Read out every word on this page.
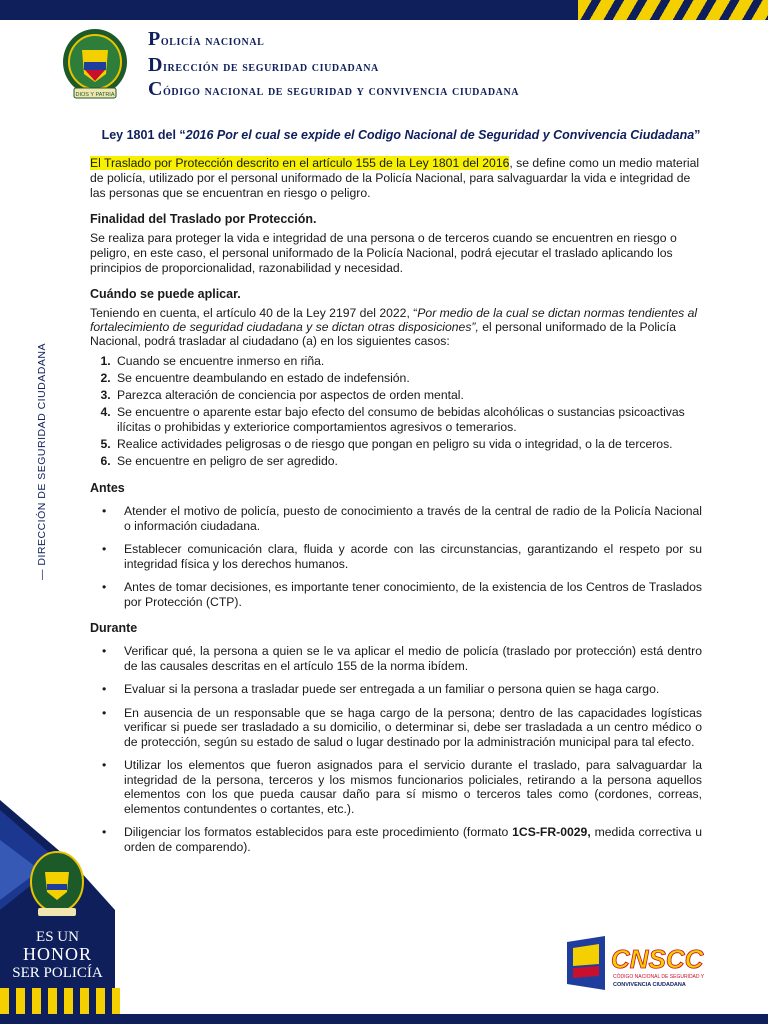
DIOS Y PATRIA
Policía nacional
Dirección de seguridad ciudadana
Código nacional de seguridad y convivencia ciudadana
— DIRECCIÓN DE SEGURIDAD CIUDADANA
ES UN
HONOR
SER POLICÍA	CNSCC
CÓDIGO NACIONAL DE SEGURIDAD Y
CONVIVENCIA CIUDADANA
Ley 1801 del “2016 Por el cual se expide el Codigo Nacional de Seguridad y Convivencia Ciudadana”

El Traslado por Protección descrito en el artículo 155 de la Ley 1801 del 2016, se define como un medio material de policía, utilizado por el personal uniformado de la Policía Nacional, para salvaguardar la vida e integridad de las personas que se encuentran en riesgo o peligro.

Finalidad del Traslado por Protección.

Se realiza para proteger la vida e integridad de una persona o de terceros cuando se encuentren en riesgo o peligro, en este caso, el personal uniformado de la Policía Nacional, podrá ejecutar el traslado aplicando los principios de proporcionalidad, razonabilidad y necesidad.

Cuándo se puede aplicar.

Teniendo en cuenta, el artículo 40 de la Ley 2197 del 2022, “Por medio de la cual se dictan normas tendientes al fortalecimiento de seguridad ciudadana y se dictan otras disposiciones”, el personal uniformado de la Policía Nacional, podrá trasladar al ciudadano (a) en los siguientes casos:

1. Cuando se encuentre inmerso en riña.
2. Se encuentre deambulando en estado de indefensión.
3. Parezca alteración de conciencia por aspectos de orden mental.
4. Se encuentre o aparente estar bajo efecto del consumo de bebidas alcohólicas o sustancias psicoactivas ilícitas o prohibidas y exteriorice comportamientos agresivos o temerarios.
5. Realice actividades peligrosas o de riesgo que pongan en peligro su vida o integridad, o la de terceros.
6. Se encuentre en peligro de ser agredido.
Antes
• Atender el motivo de policía, puesto de conocimiento a través de la central de radio de la Policía Nacional o información ciudadana.
• Establecer comunicación clara, fluida y acorde con las circunstancias, garantizando el respeto por su integridad física y los derechos humanos.
• Antes de tomar decisiones, es importante tener conocimiento, de la existencia de los Centros de Traslados por Protección (CTP).
Durante
• Verificar qué, la persona a quien se le va aplicar el medio de policía (traslado por protección) está dentro de las causales descritas en el artículo 155 de la norma ibídem.
• Evaluar si la persona a trasladar puede ser entregada a un familiar o persona quien se haga cargo.
• En ausencia de un responsable que se haga cargo de la persona; dentro de las capacidades logísticas verificar si puede ser trasladado a su domicilio, o determinar si, debe ser trasladada a un centro médico o de protección, según su estado de salud o lugar destinado por la administración municipal para tal efecto.
• Utilizar los elementos que fueron asignados para el servicio durante el traslado, para salvaguardar la integridad de la persona, terceros y los mismos funcionarios policiales, retirando a la persona aquellos elementos con los que pueda causar daño para sí mismo o terceros tales como (cordones, correas, elementos contundentes o cortantes, etc.).
• Diligenciar los formatos establecidos para este procedimiento (formato 1CS-FR-0029, medida correctiva u orden de comparendo).
